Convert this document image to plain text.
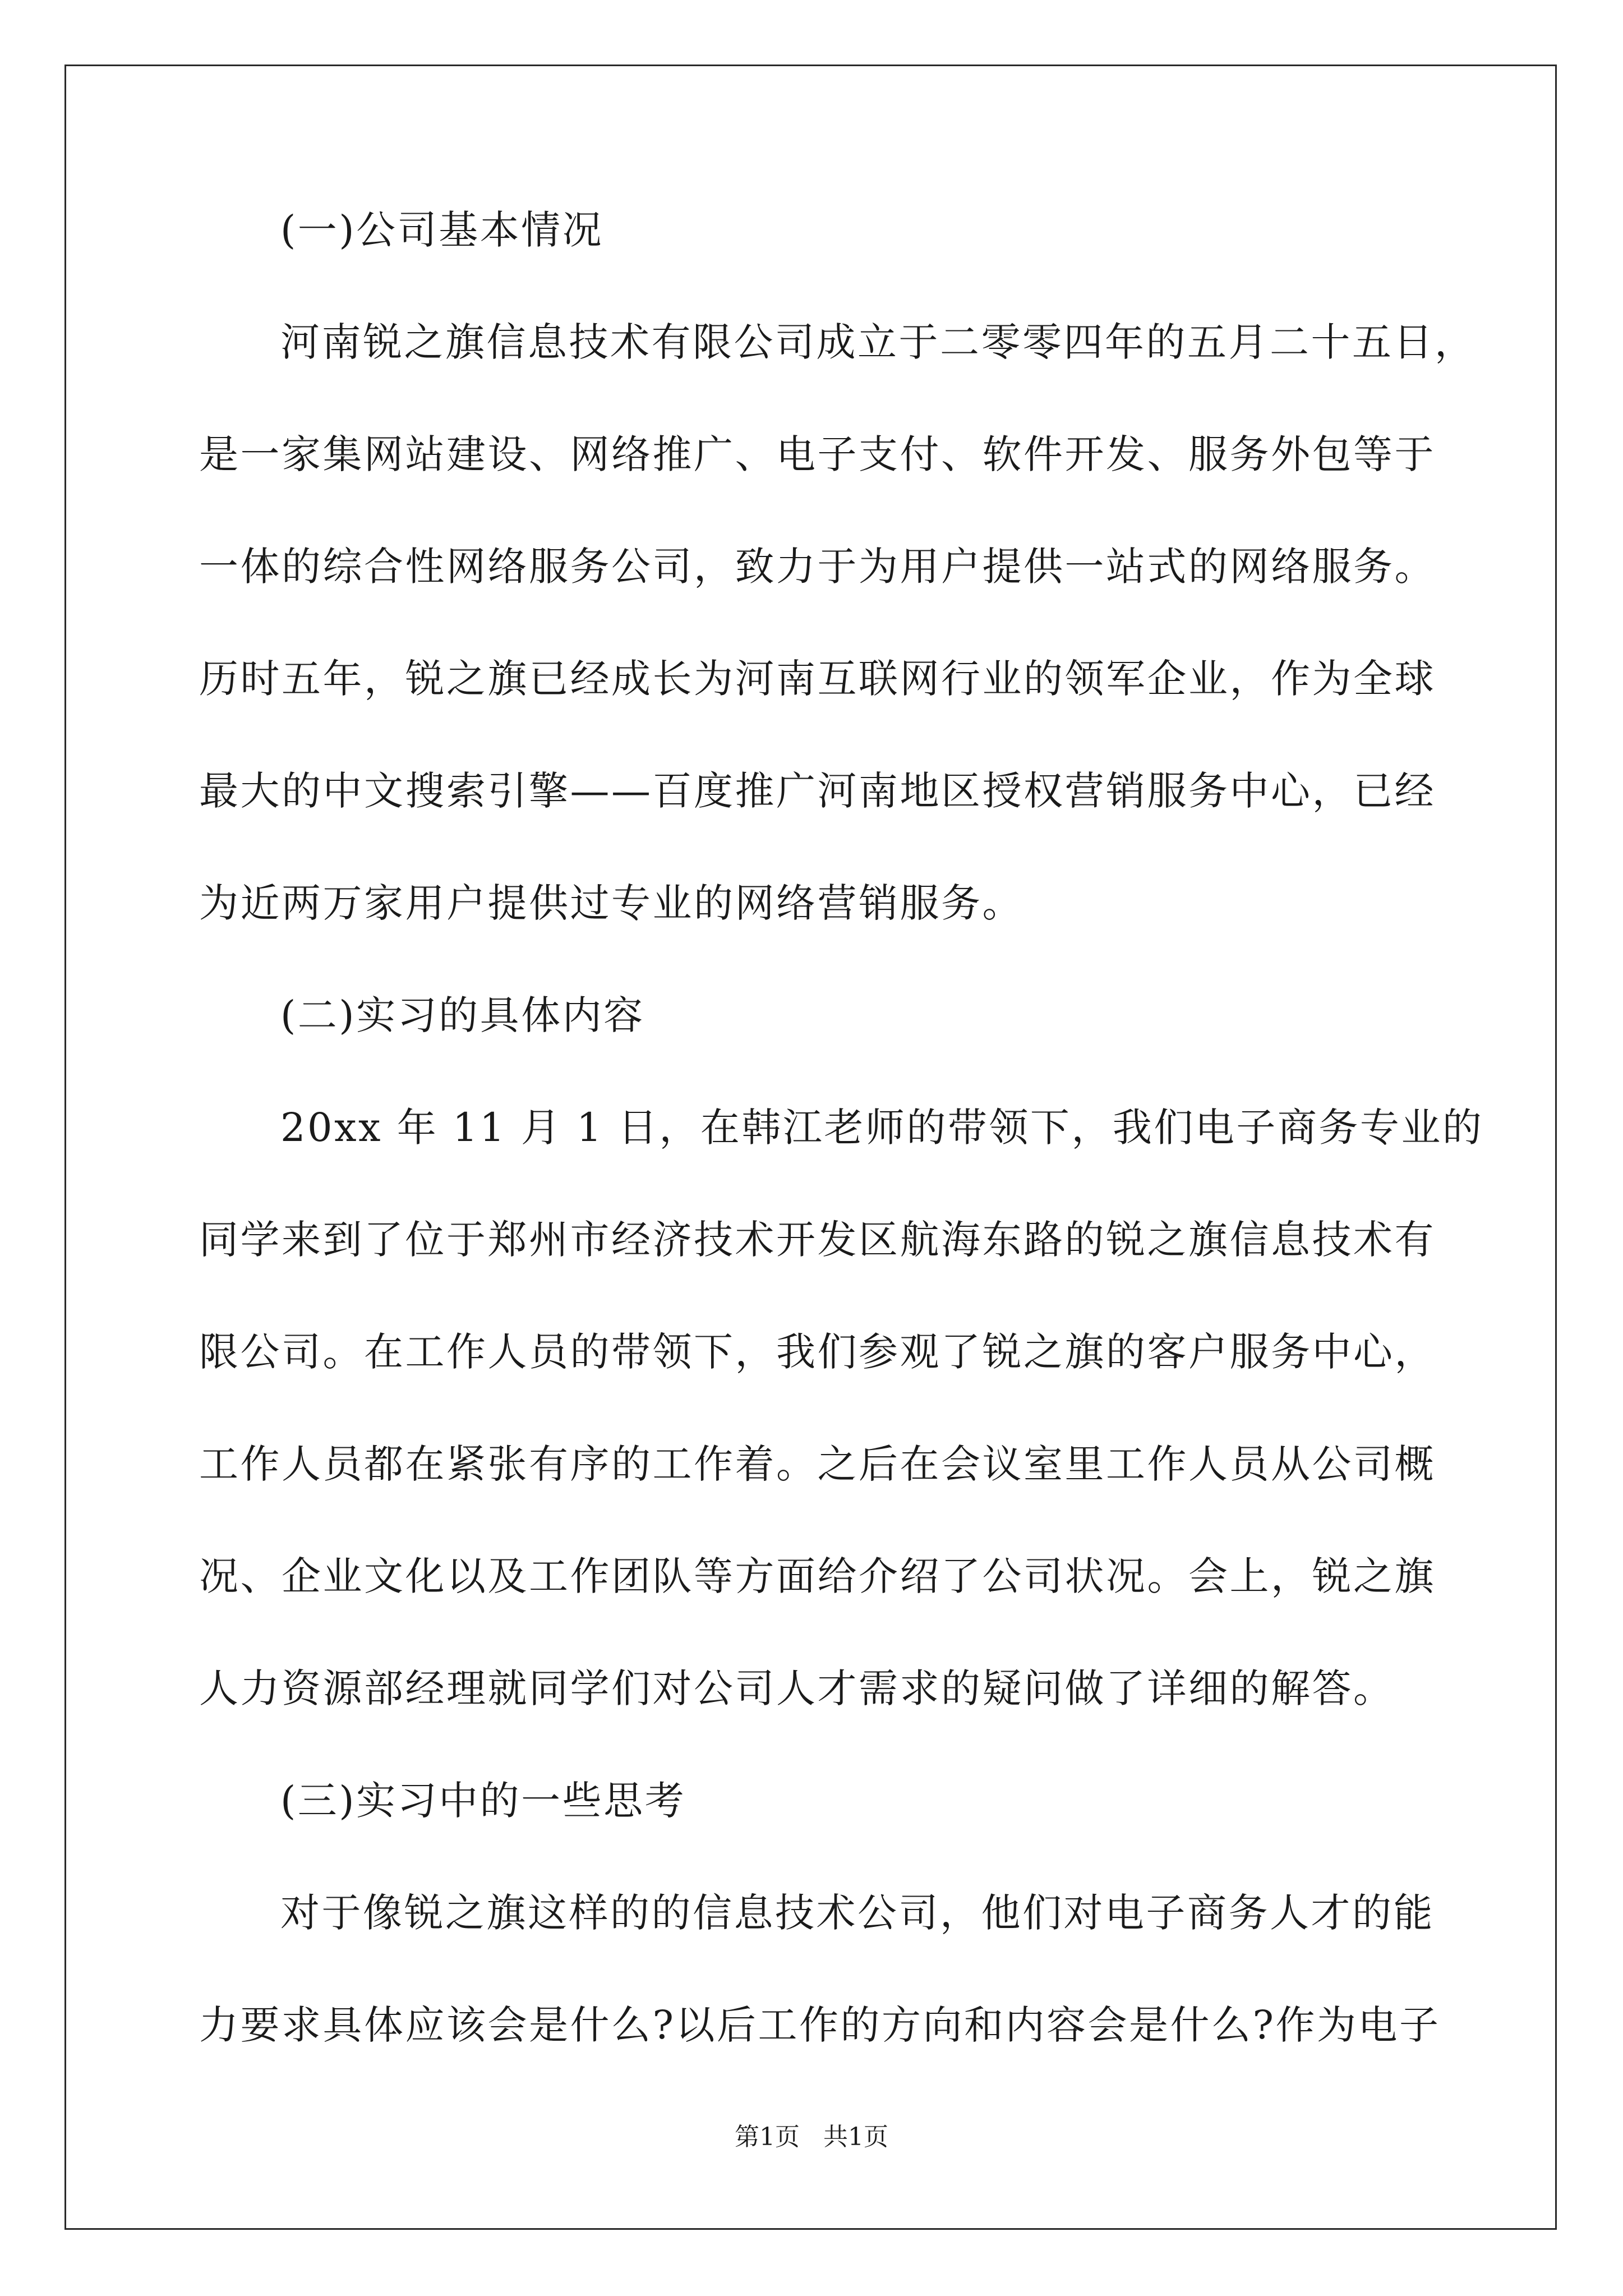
(一)公司基本情况
河南锐之旗信息技术有限公司成立于二零零四年的五月二十五日，
是一家集网站建设、网络推广、电子支付、软件开发、服务外包等于
一体的综合性网络服务公司，致力于为用户提供一站式的网络服务。
历时五年，锐之旗已经成长为河南互联网行业的领军企业，作为全球
最大的中文搜索引擎——百度推广河南地区授权营销服务中心，已经
为近两万家用户提供过专业的网络营销服务。
(二)实习的具体内容
20xx 年 11 月 1 日，在韩江老师的带领下，我们电子商务专业的
同学来到了位于郑州市经济技术开发区航海东路的锐之旗信息技术有
限公司。在工作人员的带领下，我们参观了锐之旗的客户服务中心，
工作人员都在紧张有序的工作着。之后在会议室里工作人员从公司概
况、企业文化以及工作团队等方面给介绍了公司状况。会上，锐之旗
人力资源部经理就同学们对公司人才需求的疑问做了详细的解答。
(三)实习中的一些思考
对于像锐之旗这样的的信息技术公司，他们对电子商务人才的能
力要求具体应该会是什么?以后工作的方向和内容会是什么?作为电子
第1页   共1页
